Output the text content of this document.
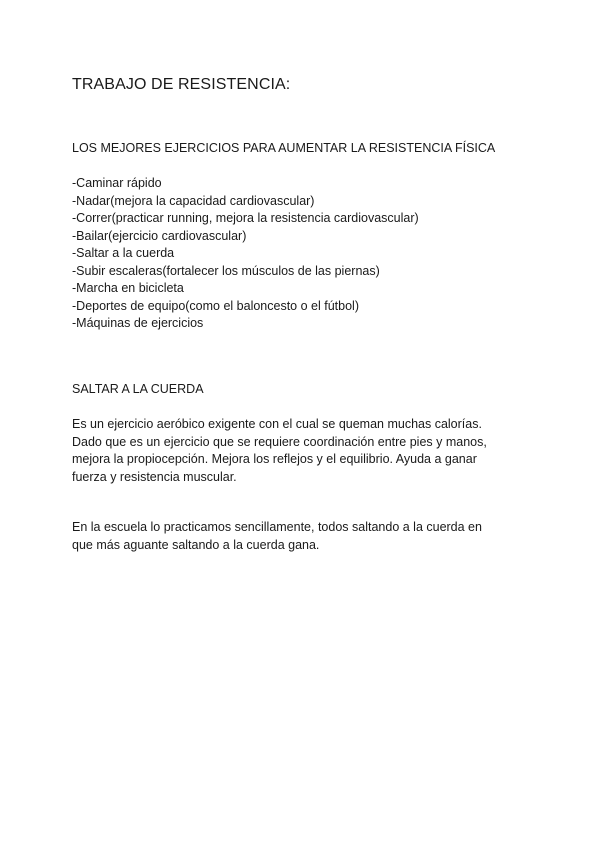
TRABAJO DE RESISTENCIA:
LOS MEJORES EJERCICIOS PARA AUMENTAR LA RESISTENCIA FÍSICA
-Caminar rápido
-Nadar(mejora la capacidad cardiovascular)
-Correr(practicar running, mejora la resistencia cardiovascular)
-Bailar(ejercicio cardiovascular)
-Saltar a la cuerda
-Subir escaleras(fortalecer los músculos de las piernas)
-Marcha en bicicleta
-Deportes de equipo(como el baloncesto o el fútbol)
-Máquinas de ejercicios
SALTAR A LA CUERDA

Es un ejercicio aeróbico exigente con el cual se queman muchas calorías.
Dado que es un ejercicio que se requiere coordinación entre pies y manos,
mejora la propiocepción. Mejora los reflejos y el equilibrio. Ayuda a ganar
fuerza y resistencia muscular.

En la escuela lo practicamos sencillamente, todos saltando a la cuerda en
que más aguante saltando a la cuerda gana.
